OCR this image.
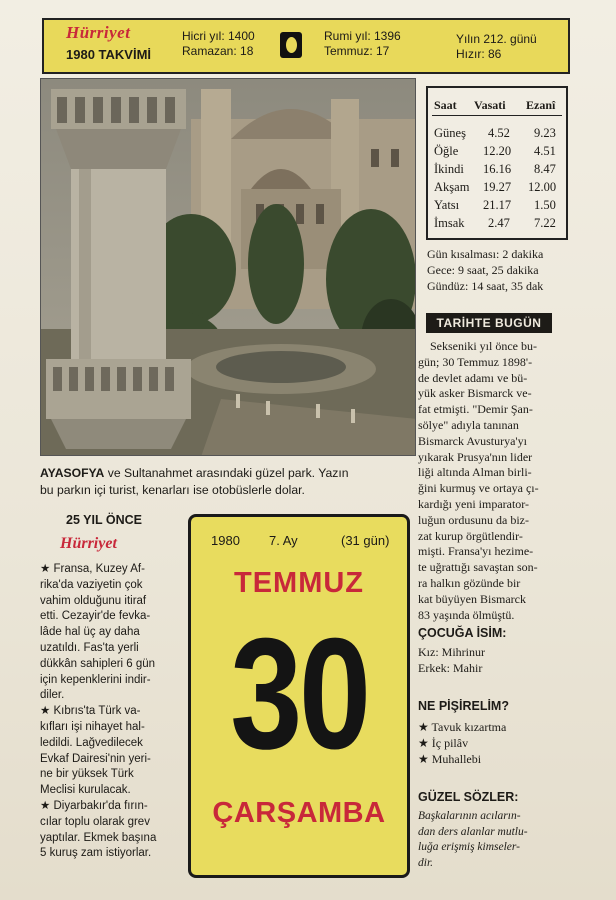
Hürriyet
1980 TAKVİMİ
Hicri yıl: 1400
Ramazan: 18
Rumi yıl: 1396
Temmuz: 17
Yılın 212. günü
Hızır: 86
Saat Vasati Ezanî
Güneş 4.52 9.23
Öğle 12.20 4.51
İkindi 16.16 8.47
Akşam 19.27 12.00
Yatsı 21.17 1.50
İmsak 2.47 7.22
Gün kısalması: 2 dakika
Gece: 9 saat, 25 dakika
Gündüz: 14 saat, 35 dak
TARİHTE BUGÜN
Sekseniki yıl önce bu-
gün; 30 Temmuz 1898'-
de devlet adamı ve bü-
yük asker Bismarck ve-
fat etmişti. "Demir Şan-
sölye" adıyla tanınan
Bismarck Avusturya'yı
yıkarak Prusya'nın lider
liği altında Alman birli-
ğini kurmuş ve ortaya çı-
kardığı yeni imparator-
luğun ordusunu da biz-
zat kurup örgütlendir-
mişti. Fransa'yı hezime-
te uğrattığı savaştan son-
ra halkın gözünde bir
kat büyüyen Bismarck
83 yaşında ölmüştü.
AYASOFYA ve Sultanahmet arasındaki güzel park. Yazın
bu parkın içi turist, kenarları ise otobüslerle dolar.
25 YIL ÖNCE
Hürriyet
★ Fransa, Kuzey Af-
rika'da vaziyetin çok
vahim olduğunu itiraf
etti. Cezayir'de fevka-
lâde hal üç ay daha
uzatıldı. Fas'ta yerli
dükkân sahipleri 6 gün
için kepenklerini indir-
diler.
★ Kıbrıs'ta Türk va-
kıfları işi nihayet hal-
ledildi. Lağvedilecek
Evkaf Dairesi'nin yeri-
ne bir yüksek Türk
Meclisi kurulacak.
★ Diyarbakır'da fırın-
cılar toplu olarak grev
yaptılar. Ekmek başına
5 kuruş zam istiyorlar.
1980 7. Ay	(31 gün)
TEMMUZ
30
ÇARŞAMBA
ÇOCUĞA İSİM:
Kız: Mihrinur
Erkek: Mahir
NE PİŞİRELİM?
★ Tavuk kızartma
★ İç pilâv
★ Muhallebi
GÜZEL SÖZLER:
Başkalarının acıların-
dan ders alanlar mutlu-
luğa erişmiş kimseler-
dir.
